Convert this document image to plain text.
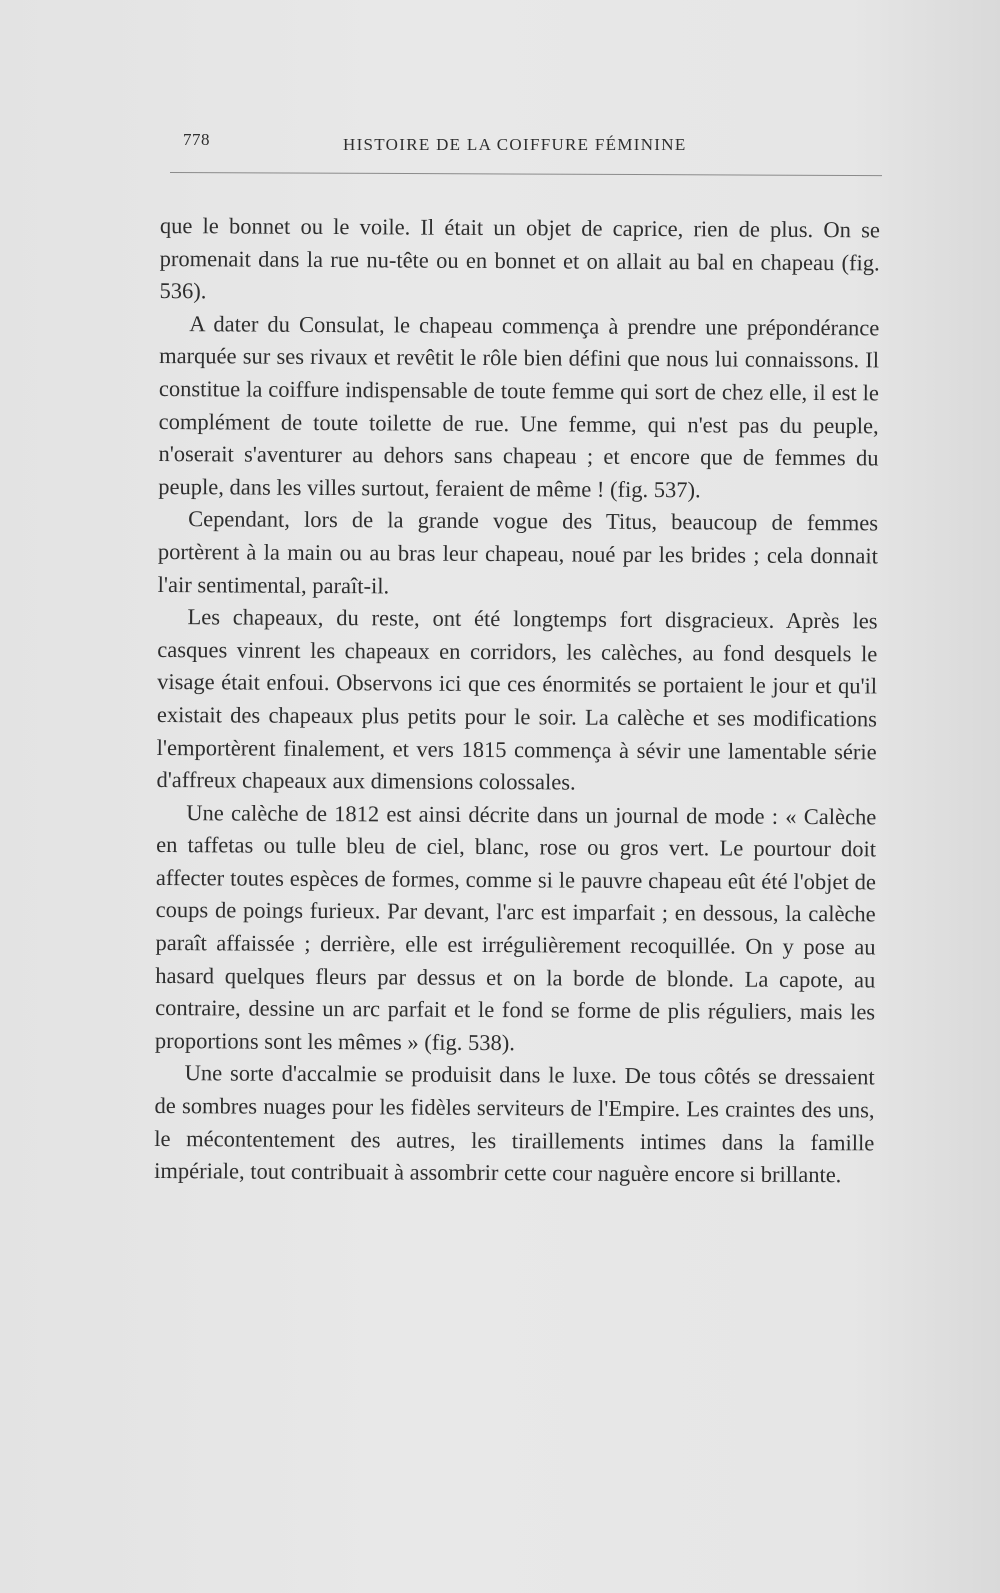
778	HISTOIRE DE LA COIFFURE FÉMININE

que le bonnet ou le voile. Il était un objet de caprice, rien de plus. On se promenait dans la rue nu-tête ou en bonnet et on allait au bal en chapeau (fig. 536).

A dater du Consulat, le chapeau commença à prendre une prépondérance marquée sur ses rivaux et revêtit le rôle bien défini que nous lui connaissons. Il constitue la coiffure indispensable de toute femme qui sort de chez elle, il est le complément de toute toilette de rue. Une femme, qui n'est pas du peuple, n'oserait s'aventurer au dehors sans chapeau ; et encore que de femmes du peuple, dans les villes surtout, feraient de même ! (fig. 537).

Cependant, lors de la grande vogue des Titus, beaucoup de femmes portèrent à la main ou au bras leur chapeau, noué par les brides ; cela donnait l'air sentimental, paraît-il.

Les chapeaux, du reste, ont été longtemps fort disgracieux. Après les casques vinrent les chapeaux en corridors, les calèches, au fond desquels le visage était enfoui. Observons ici que ces énormités se portaient le jour et qu'il existait des chapeaux plus petits pour le soir. La calèche et ses modifications l'emportèrent finalement, et vers 1815 commença à sévir une lamentable série d'affreux chapeaux aux dimensions colossales.

Une calèche de 1812 est ainsi décrite dans un journal de mode : « Calèche en taffetas ou tulle bleu de ciel, blanc, rose ou gros vert. Le pourtour doit affecter toutes espèces de formes, comme si le pauvre chapeau eût été l'objet de coups de poings furieux. Par devant, l'arc est imparfait ; en dessous, la calèche paraît affaissée ; derrière, elle est irrégulièrement recoquillée. On y pose au hasard quelques fleurs par dessus et on la borde de blonde. La capote, au contraire, dessine un arc parfait et le fond se forme de plis réguliers, mais les proportions sont les mêmes » (fig. 538).

Une sorte d'accalmie se produisit dans le luxe. De tous côtés se dressaient de sombres nuages pour les fidèles serviteurs de l'Empire. Les craintes des uns, le mécontentement des autres, les tiraillements intimes dans la famille impériale, tout contribuait à assombrir cette cour naguère encore si brillante.
